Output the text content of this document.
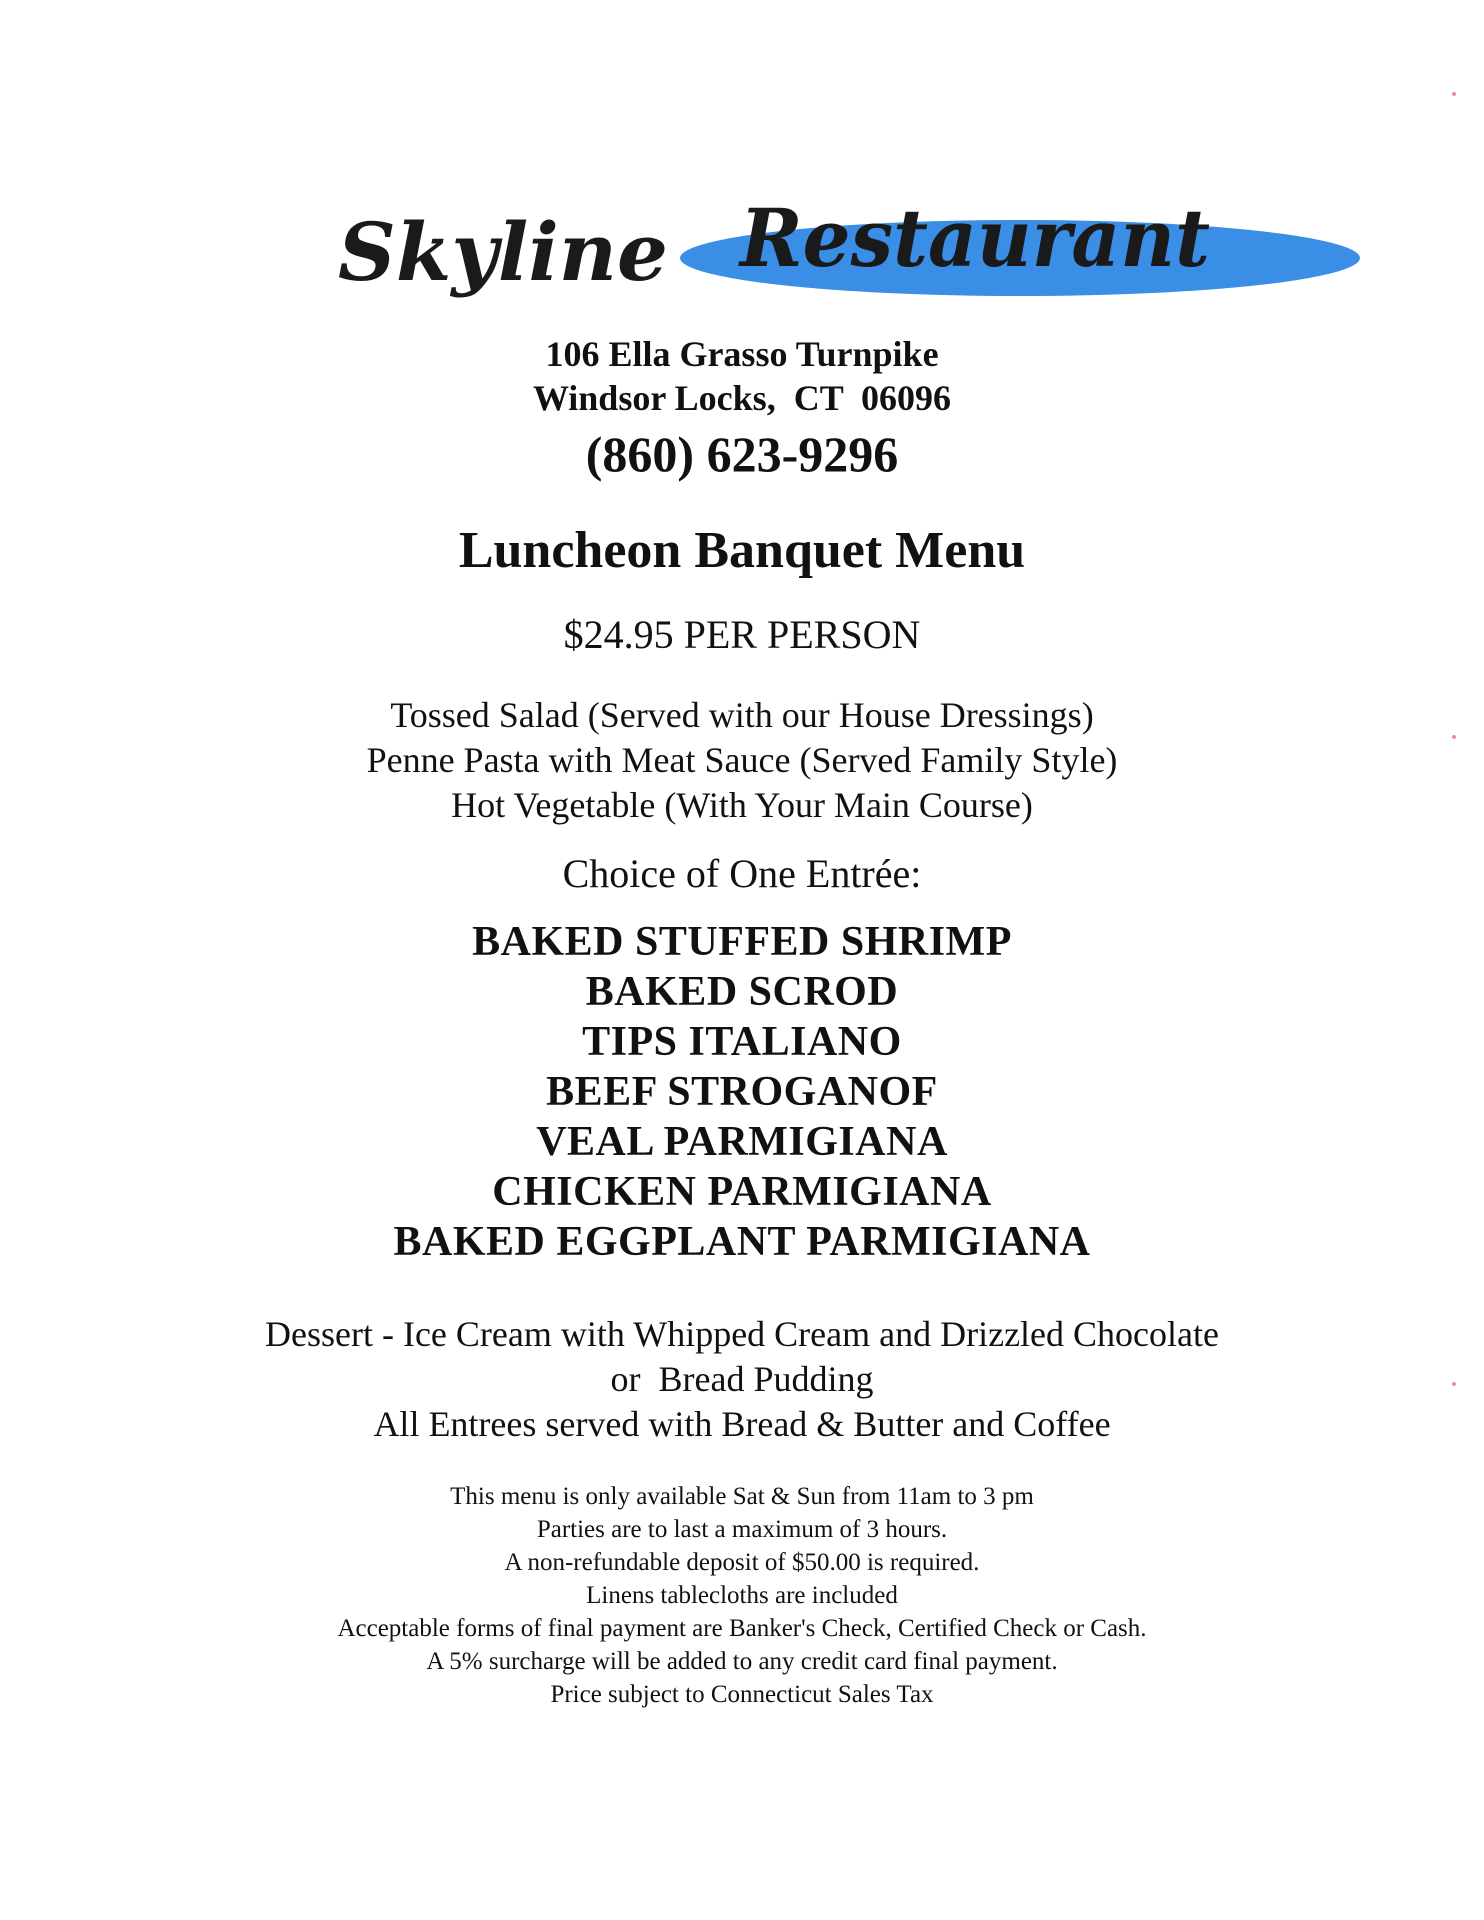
Skyline Restaurant
106 Ella Grasso Turnpike
Windsor Locks,  CT  06096
(860) 623-9296
Luncheon Banquet Menu
$24.95 PER PERSON
Tossed Salad (Served with our House Dressings)
Penne Pasta with Meat Sauce (Served Family Style)
Hot Vegetable (With Your Main Course)
Choice of One Entrée:
BAKED STUFFED SHRIMP
BAKED SCROD
TIPS ITALIANO
BEEF STROGANOF
VEAL PARMIGIANA
CHICKEN PARMIGIANA
BAKED EGGPLANT PARMIGIANA
Dessert - Ice Cream with Whipped Cream and Drizzled Chocolate
or  Bread Pudding
All Entrees served with Bread & Butter and Coffee
This menu is only available Sat & Sun from 11am to 3 pm
Parties are to last a maximum of 3 hours.
A non-refundable deposit of $50.00 is required.
Linens tablecloths are included
Acceptable forms of final payment are Banker's Check, Certified Check or Cash.
A 5% surcharge will be added to any credit card final payment.
Price subject to Connecticut Sales Tax
